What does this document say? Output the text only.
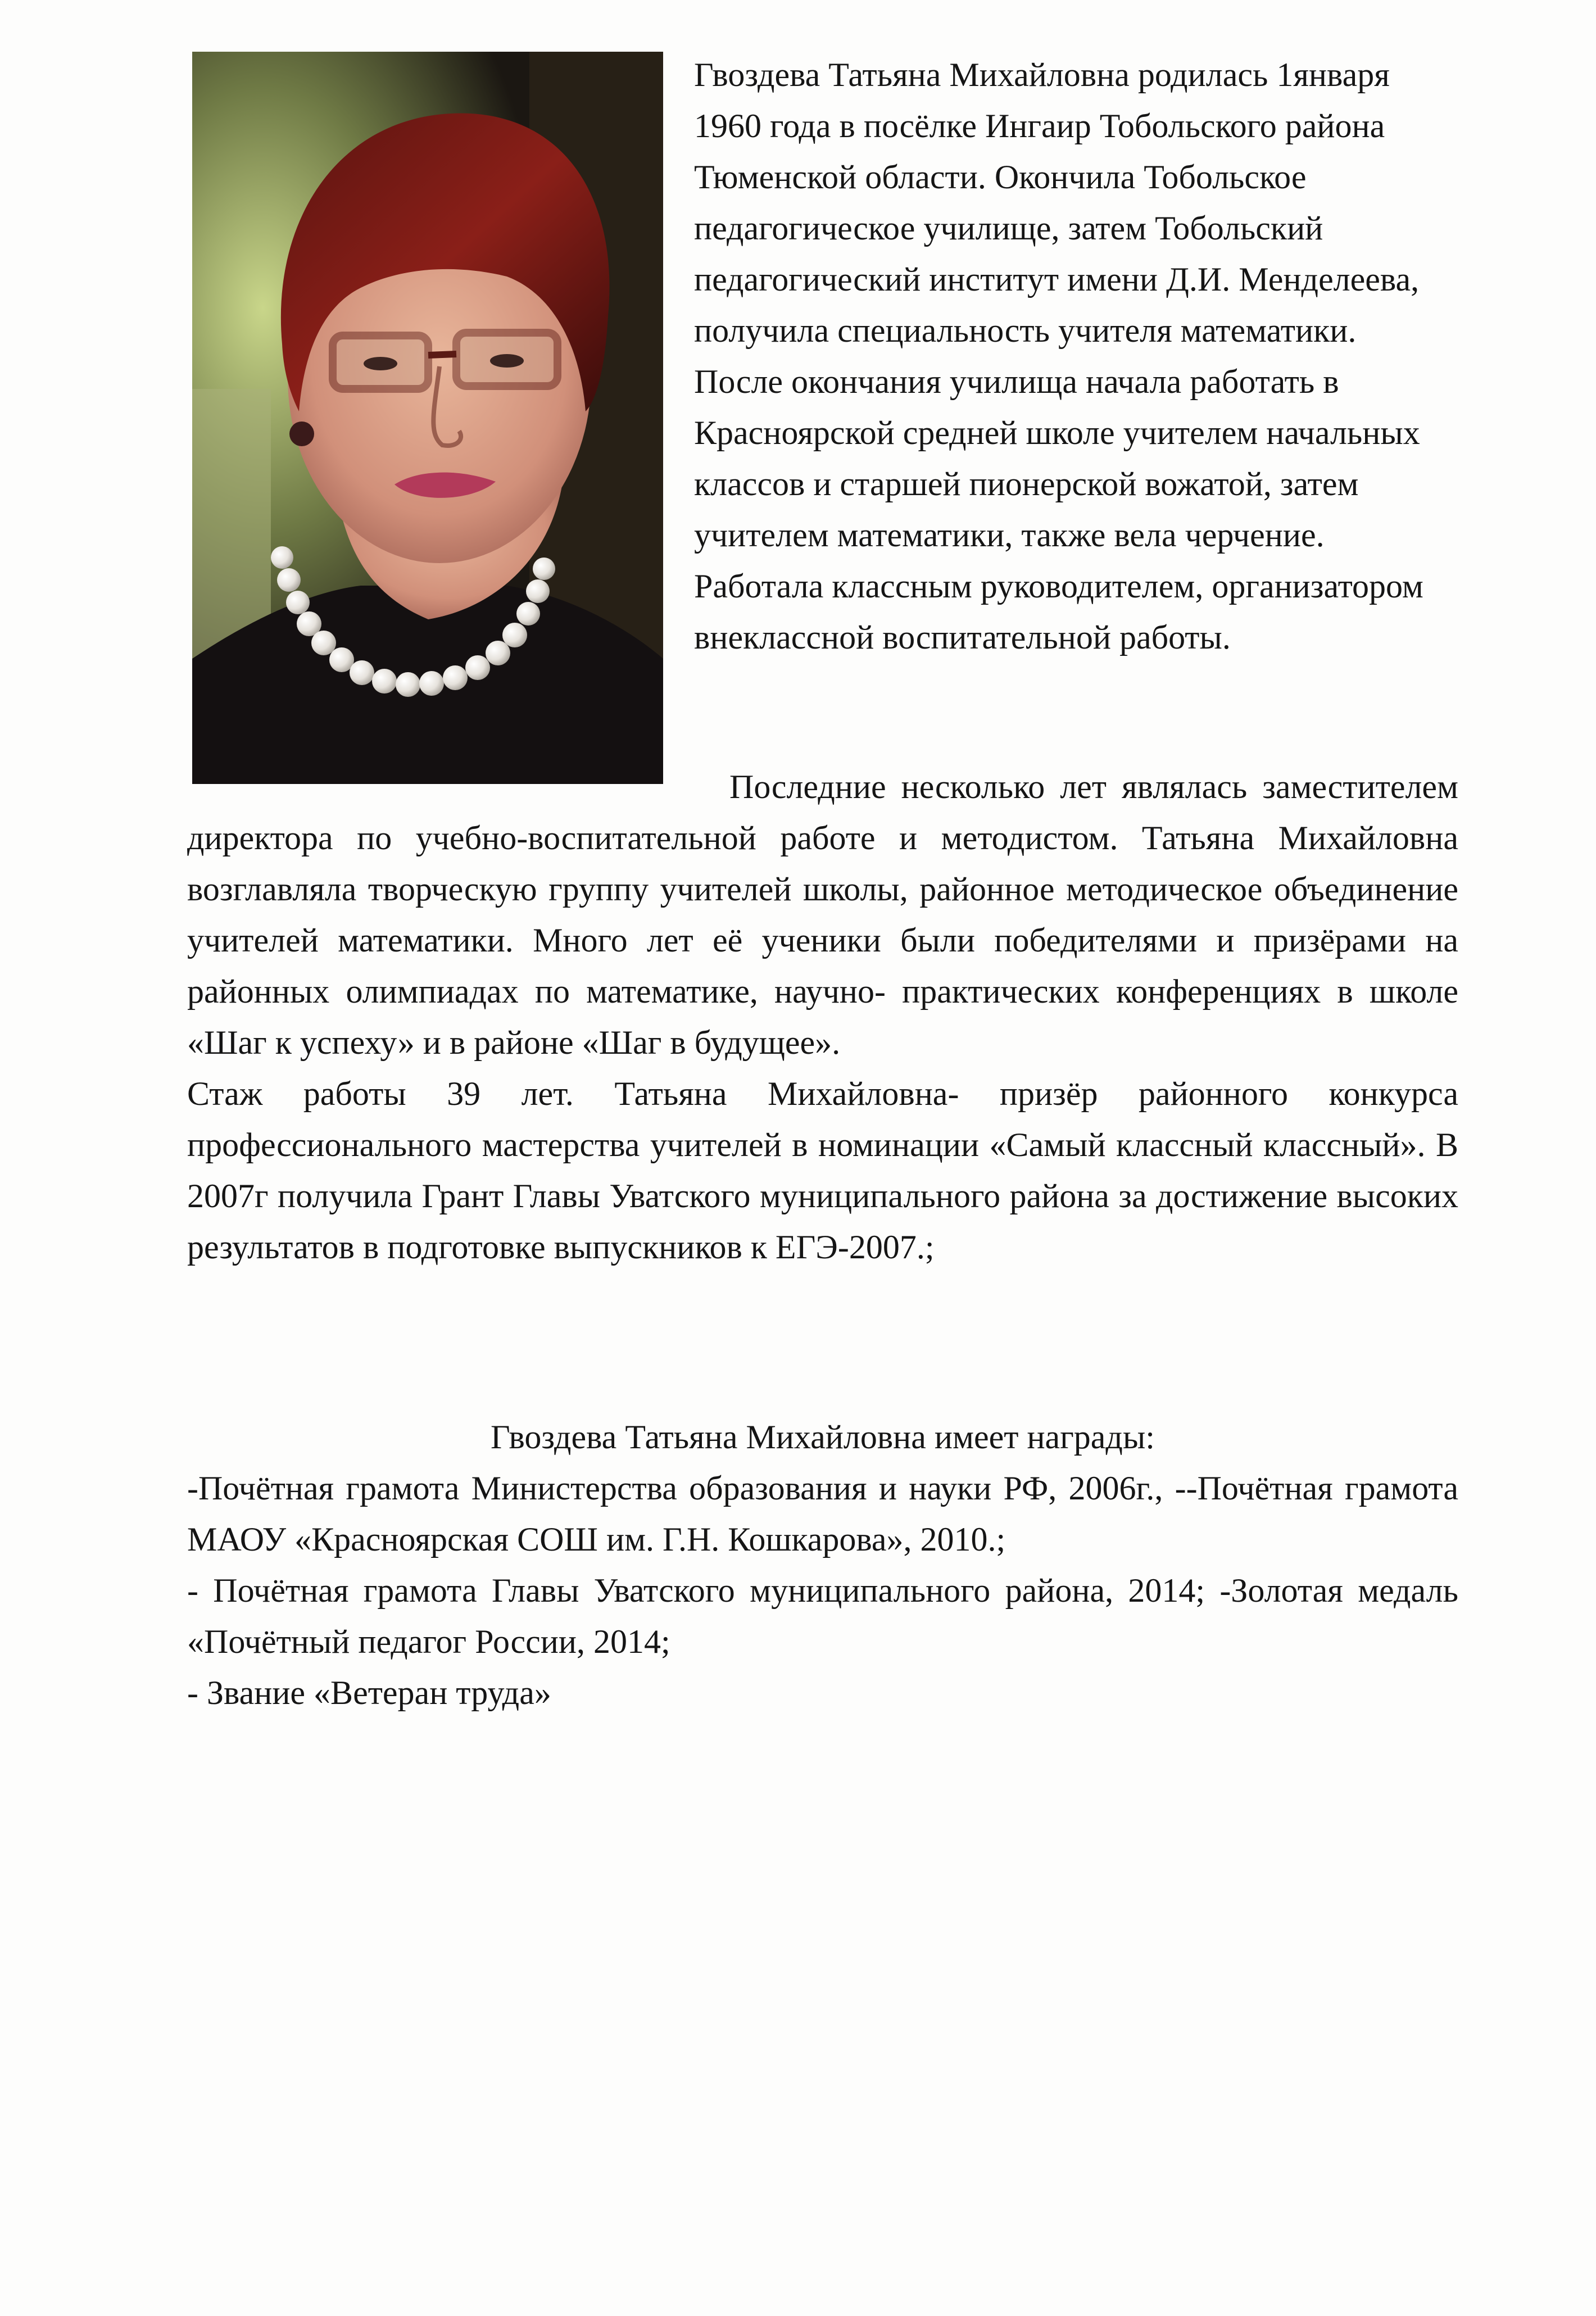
Гвоздева Татьяна Михайловна родилась 1января 1960 года в посёлке Ингаир Тобольского района Тюменской области. Окончила Тобольское педагогическое училище, затем Тобольский педагогический институт имени Д.И. Менделеева, получила специальность учителя математики. После окончания училища начала работать в Красноярской средней школе учителем начальных классов и старшей пионерской вожатой, затем учителем математики, также вела черчение. Работала классным руководителем, организатором внеклассной воспитательной работы.

Последние несколько лет являлась заместителем директора по учебно-воспитательной работе и методистом. Татьяна Михайловна возглавляла творческую группу учителей школы, районное методическое объединение учителей математики. Много лет её ученики были победителями и призёрами на районных олимпиадах по математике, научно- практических конференциях в школе «Шаг к успеху» и в районе «Шаг в будущее».

Стаж работы 39 лет. Татьяна Михайловна- призёр районного конкурса профессионального мастерства учителей в номинации «Самый классный классный». В 2007г получила Грант Главы Уватского муниципального района за достижение высоких результатов в подготовке выпускников к ЕГЭ-2007.;

Гвоздева Татьяна Михайловна имеет награды:

-Почётная грамота Министерства образования и науки РФ, 2006г., --Почётная грамота МАОУ «Красноярская СОШ им. Г.Н. Кошкарова», 2010.;

- Почётная грамота Главы Уватского муниципального района, 2014; -Золотая медаль «Почётный педагог России, 2014;

- Звание «Ветеран труда»
